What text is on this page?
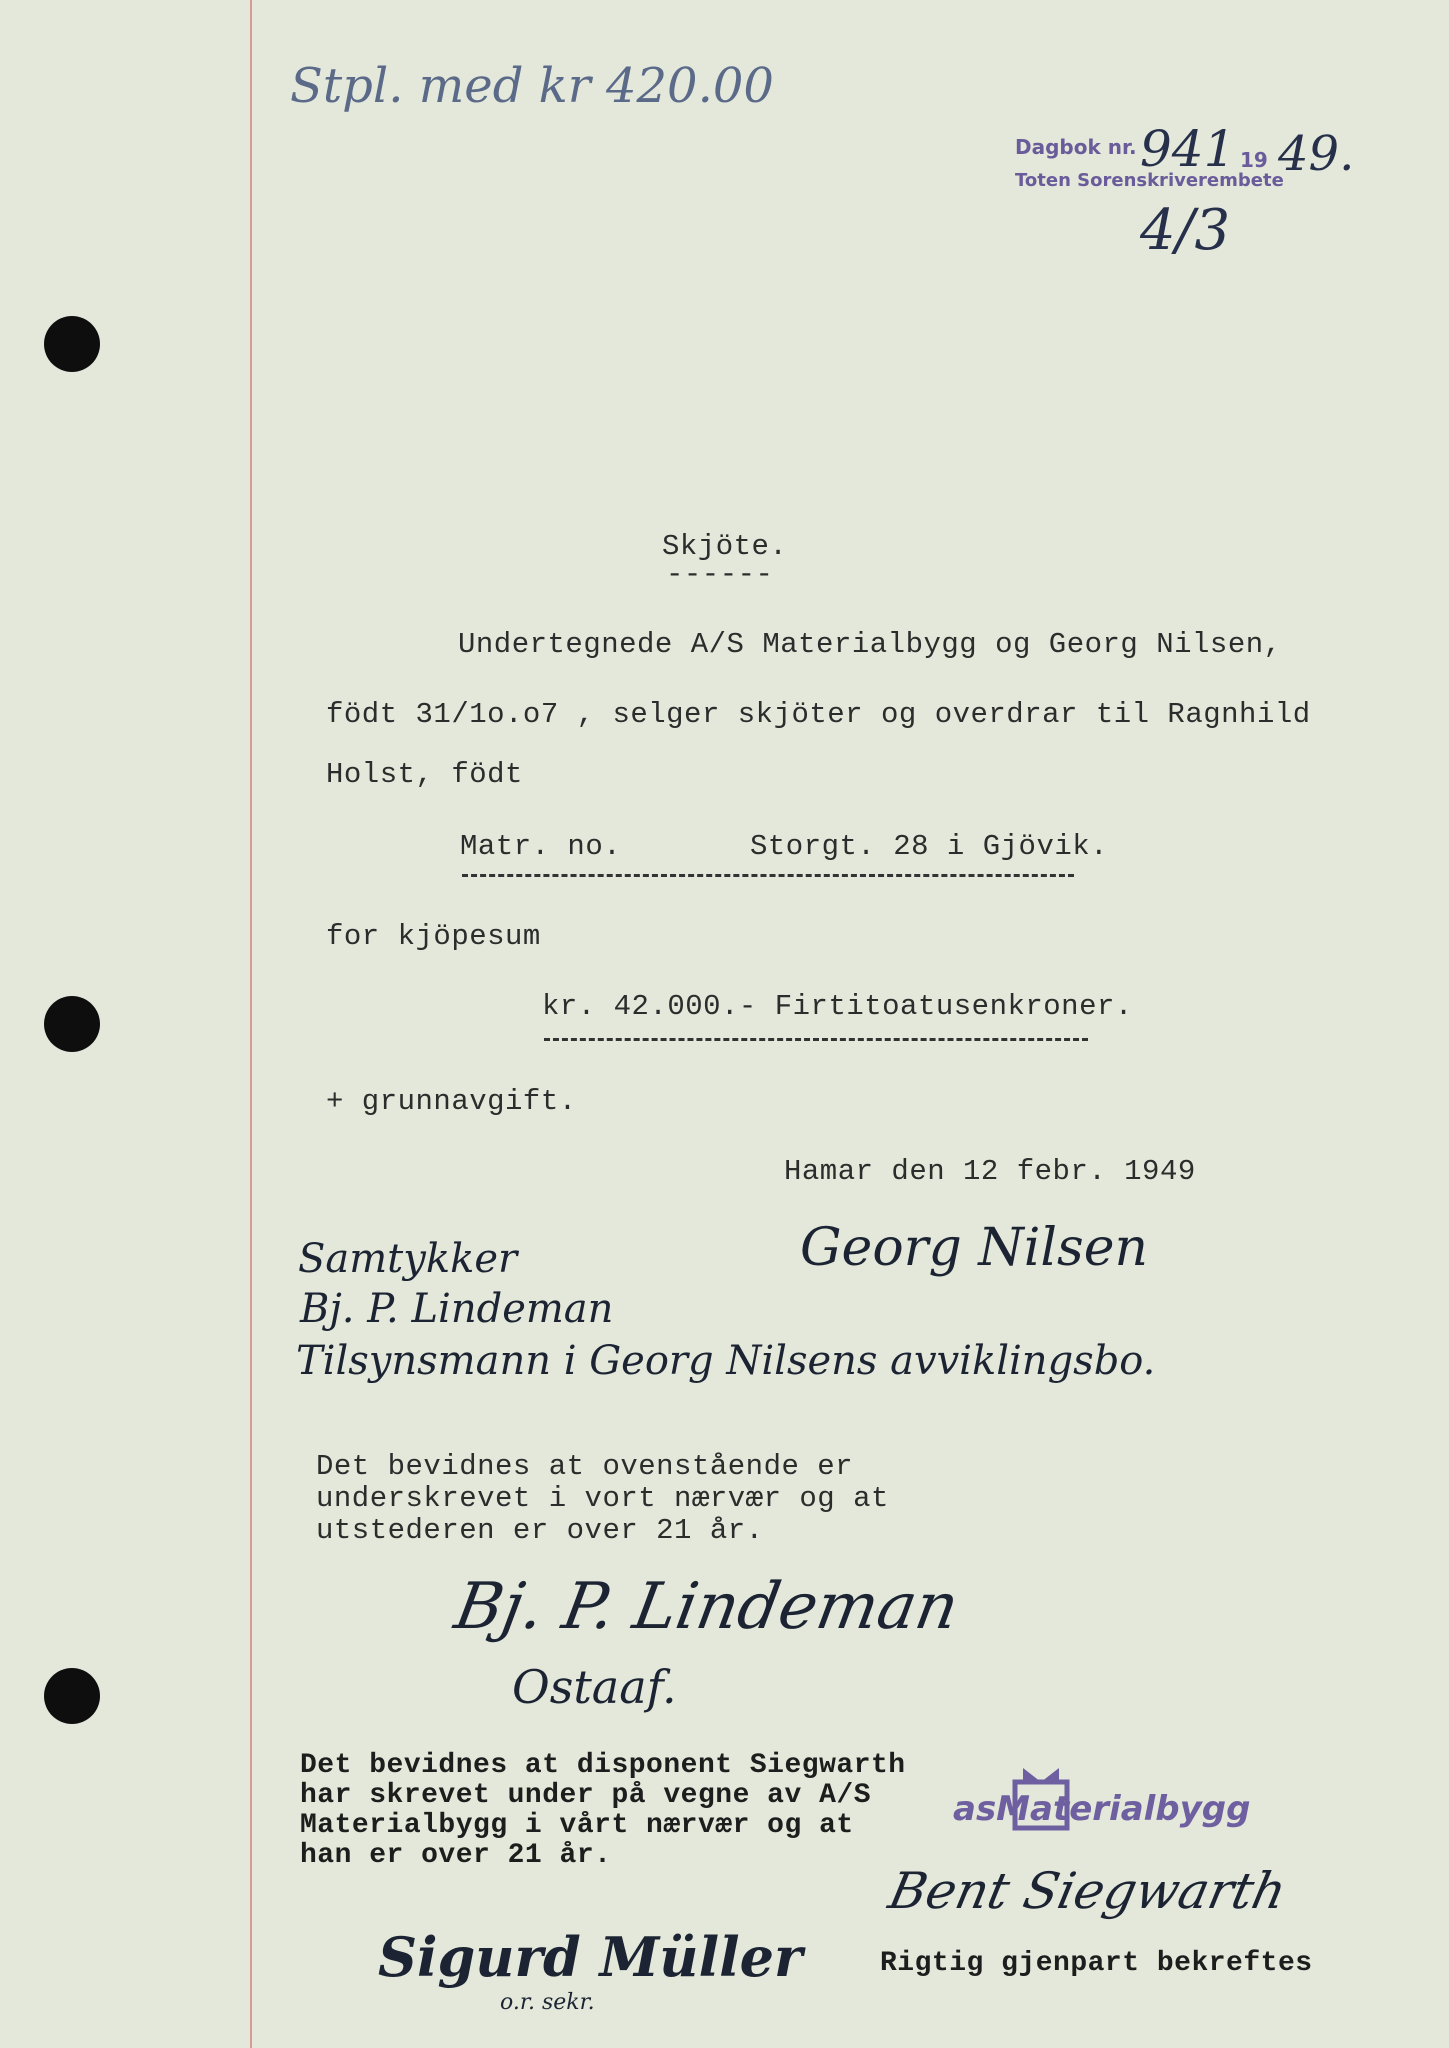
Stpl. med kr 420.00
Dagbok nr. 941 19 49.
Toten Sorenskriverembete
4/3
Skjöte.
------
Undertegnede A/S Materialbygg og Georg Nilsen,
födt 31/1o.o7 , selger skjöter og overdrar til Ragnhild
Holst, födt
Matr. no.	Storgt. 28 i Gjövik.
for kjöpesum
kr. 42.000.- Firtitoatusenkroner.
+ grunnavgift.
Hamar den 12 febr. 1949
Georg Nilsen
Samtykker
Bj. P. Lindeman
Tilsynsmann i Georg Nilsens avviklingsbo.
Det bevidnes at ovenstående er
underskrevet i vort nærvær og at
utstederen er over 21 år.
Bj. P. Lindeman
Ostaaf.
Det bevidnes at disponent Siegwarth
har skrevet under på vegne av A/S
Materialbygg i vårt nærvær og at
han er over 21 år.
asMaterialbygg
Bent Siegwarth
Sigurd Müller
o.r. sekr.
Rigtig gjenpart bekreftes
